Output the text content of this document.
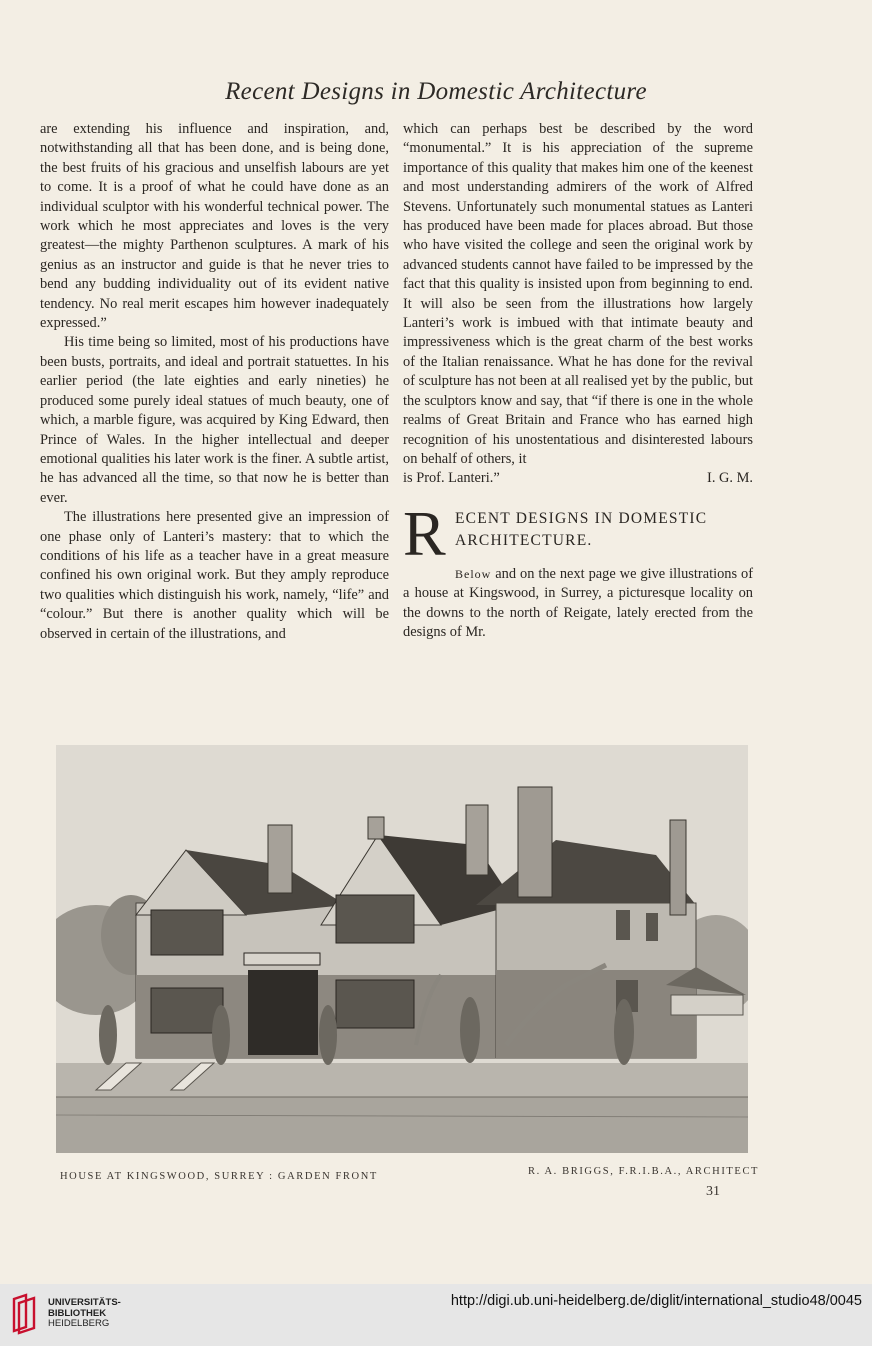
Recent Designs in Domestic Architecture

are extending his influence and inspiration, and, notwithstanding all that has been done, and is being done, the best fruits of his gracious and unselfish labours are yet to come. It is a proof of what he could have done as an individual sculptor with his wonderful technical power. The work which he most appreciates and loves is the very greatest—the mighty Parthenon sculptures. A mark of his genius as an instructor and guide is that he never tries to bend any budding individuality out of its evident native tendency. No real merit escapes him however inadequately expressed.”

His time being so limited, most of his productions have been busts, portraits, and ideal and portrait statuettes. In his earlier period (the late eighties and early nineties) he produced some purely ideal statues of much beauty, one of which, a marble figure, was acquired by King Edward, then Prince of Wales. In the higher intellectual and deeper emotional qualities his later work is the finer. A subtle artist, he has advanced all the time, so that now he is better than ever.

The illustrations here presented give an impression of one phase only of Lanteri’s mastery: that to which the conditions of his life as a teacher have in a great measure confined his own original work. But they amply reproduce two qualities which distinguish his work, namely, “life” and “colour.” But there is another quality which will be observed in certain of the illustrations, and

which can perhaps best be described by the word “monumental.” It is his appreciation of the supreme importance of this quality that makes him one of the keenest and most understanding admirers of the work of Alfred Stevens. Unfortunately such monumental statues as Lanteri has produced have been made for places abroad. But those who have visited the college and seen the original work by advanced students cannot have failed to be impressed by the fact that this quality is insisted upon from beginning to end. It will also be seen from the illustrations how largely Lanteri’s work is imbued with that intimate beauty and impressiveness which is the great charm of the best works of the Italian renaissance. What he has done for the revival of sculpture has not been at all realised yet by the public, but the sculptors know and say, that “if there is one in the whole realms of Great Britain and France who has earned high recognition of his unostentatious and disinterested labours on behalf of others, it

is Prof. Lanteri.”	I. G. M.
R ECENT DESIGNS IN DOMESTIC
ARCHITECTURE.

Below and on the next page we give illustrations of a house at Kingswood, in Surrey, a picturesque locality on the downs to the north of Reigate, lately erected from the designs of Mr.

HOUSE AT KINGSWOOD, SURREY : GARDEN FRONT	R. A. BRIGGS, F.R.I.B.A., ARCHITECT
31
UNIVERSITÄTS-
BIBLIOTHEK
HEIDELBERG
http://digi.ub.uni-heidelberg.de/diglit/international_studio48/0045
